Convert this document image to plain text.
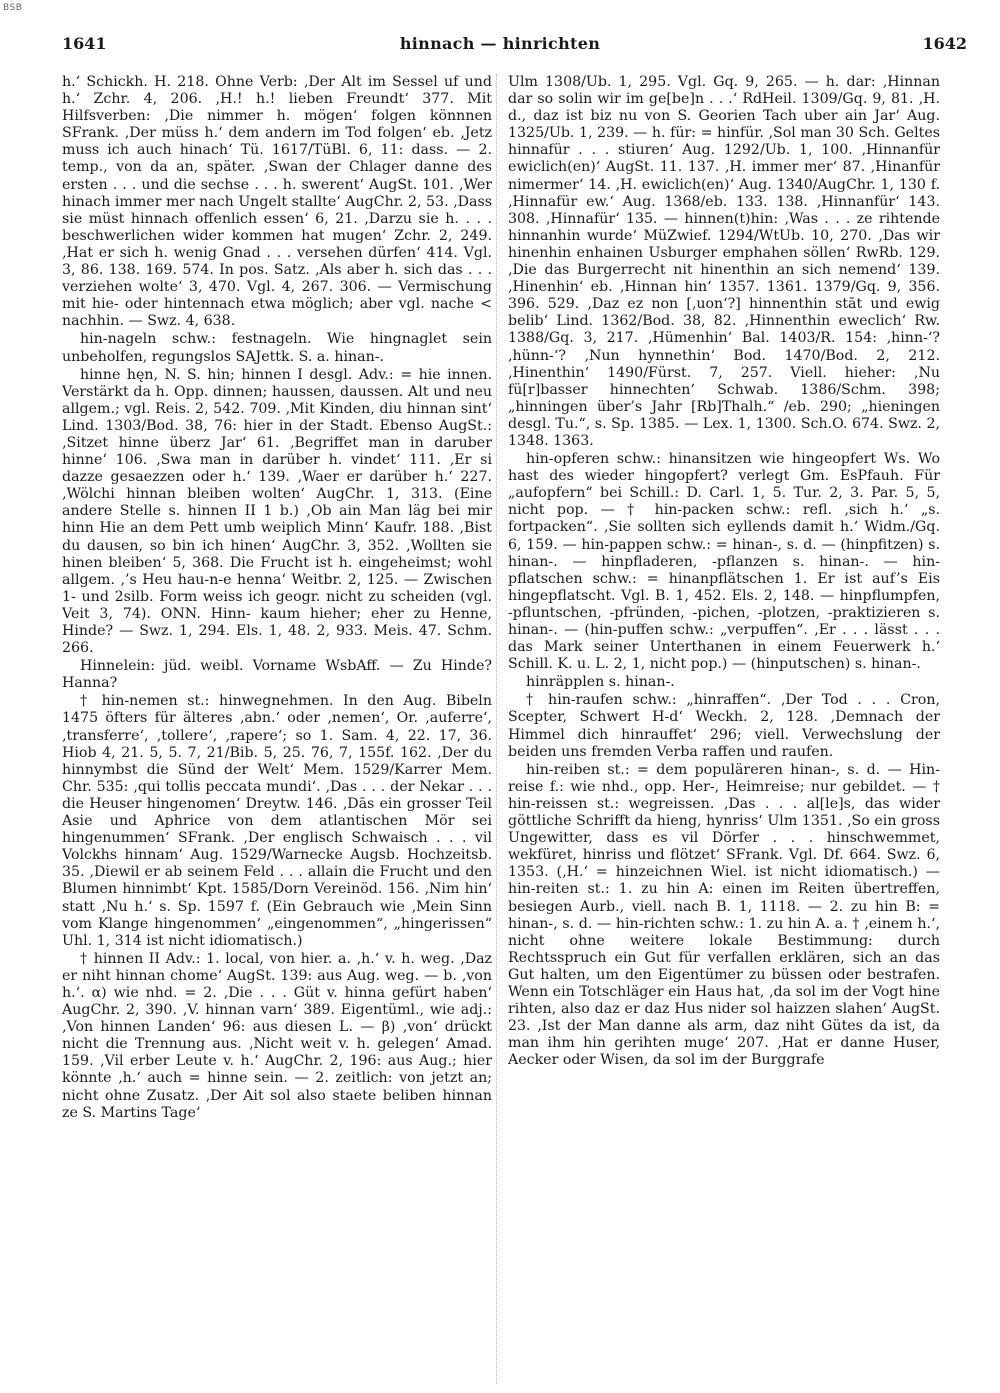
BSB
1641	hinnach — hinrichten	1642

h.‘ Schickh. H. 218. Ohne Verb: ‚Der Alt im Sessel uf und h.‘ Zchr. 4, 206. ‚H.! h.! lieben Freundt‘ 377. Mit Hilfsverben: ‚Die nimmer h. mögen‘ folgen könnnen SFrank. ‚Der müss h.‘ dem andern im Tod folgen‘ eb. ‚Jetz muss ich auch hinach‘ Tü. 1617/TüBl. 6, 11: dass. — 2. temp., von da an, später. ‚Swan der Chlager danne des ersten . . . und die sechse . . . h. swerent‘ AugSt. 101. ‚Wer hinach immer mer nach Ungelt stallte‘ AugChr. 2, 53. ‚Dass sie müst hinnach offenlich essen‘ 6, 21. ‚Darzu sie h. . . . beschwerlichen wider kommen hat mugen‘ Zchr. 2, 249. ‚Hat er sich h. wenig Gnad . . . versehen dürfen‘ 414. Vgl. 3, 86. 138. 169. 574. In pos. Satz. ‚Als aber h. sich das . . . verziehen wolte‘ 3, 470. Vgl. 4, 267. 306. — Vermischung mit hie- oder hintennach etwa möglich; aber vgl. nache < nachhin. — Swz. 4, 638.

hin-nageln schw.: festnageln. Wie hingnaglet sein unbeholfen, regungslos SAJettk. S. a. hinan-.

hinne hęn, N. S. hin; hinnen I desgl. Adv.: = hie innen. Verstärkt da h. Opp. dinnen; haussen, daussen. Alt und neu allgem.; vgl. Reis. 2, 542. 709. ‚Mit Kinden, diu hinnan sint‘ Lind. 1303/Bod. 38, 76: hier in der Stadt. Ebenso AugSt.: ‚Sitzet hinne überz Jar‘ 61. ‚Begriffet man in daruber hinne‘ 106. ‚Swa man in darüber h. vindet‘ 111. ‚Er si dazze gesaezzen oder h.‘ 139. ‚Waer er darüber h.‘ 227. ‚Wölchi hinnan bleiben wolten‘ AugChr. 1, 313. (Eine andere Stelle s. hinnen II 1 b.) ‚Ob ain Man läg bei mir hinn Hie an dem Pett umb weiplich Minn‘ Kaufr. 188. ‚Bist du dausen, so bin ich hinen‘ AugChr. 3, 352. ‚Wollten sie hinen bleiben‘ 5, 368. Die Frucht ist h. eingeheimst; wohl allgem. ‚’s Heu hau-n-e henna‘ Weitbr. 2, 125. — Zwischen 1- und 2silb. Form weiss ich geogr. nicht zu scheiden (vgl. Veit 3, 74). ONN. Hinn- kaum hieher; eher zu Henne, Hinde? — Swz. 1, 294. Els. 1, 48. 2, 933. Meis. 47. Schm. 266.

Hinnelein: jüd. weibl. Vorname WsbAff. — Zu Hinde? Hanna?

† hin-nemen st.: hinwegnehmen. In den Aug. Bibeln 1475 öfters für älteres ‚abn.‘ oder ‚nemen‘, Or. ‚auferre‘, ‚transferre‘, ‚tollere‘, ‚rapere‘; so 1. Sam. 4, 22. 17, 36. Hiob 4, 21. 5, 5. 7, 21/Bib. 5, 25. 76, 7, 155f. 162. ‚Der du hinnymbst die Sünd der Welt‘ Mem. 1529/Karrer Mem. Chr. 535: ‚qui tollis peccata mundi‘. ‚Das . . . der Nekar . . . die Heuser hingenomen‘ Dreytw. 146. ‚Dās ein grosser Teil Asie und Aphrice von dem atlantischen Mör sei hingenummen‘ SFrank. ‚Der englisch Schwaisch . . . vil Volckhs hinnam‘ Aug. 1529/Warnecke Augsb. Hochzeitsb. 35. ‚Diewil er ab seinem Feld . . . allain die Frucht und den Blumen hinnimbt‘ Kpt. 1585/Dorn Vereinöd. 156. ‚Nim hin‘ statt ‚Nu h.‘ s. Sp. 1597 f. (Ein Gebrauch wie ‚Mein Sinn vom Klange hingenommen‘ „eingenommen“, „hingerissen“ Uhl. 1, 314 ist nicht idiomatisch.)

† hinnen II Adv.: 1. local, von hier. a. ‚h.‘ v. h. weg. ‚Daz er niht hinnan chome‘ AugSt. 139: aus Aug. weg. — b. ‚von h.‘. α) wie nhd. = 2. ‚Die . . . Güt v. hinna gefürt haben‘ AugChr. 2, 390. ‚V. hinnan varn‘ 389. Eigentüml., wie adj.: ‚Von hinnen Landen‘ 96: aus diesen L. — β) ‚von‘ drückt nicht die Trennung aus. ‚Nicht weit v. h. gelegen‘ Amad. 159. ‚Vil erber Leute v. h.‘ AugChr. 2, 196: aus Aug.; hier könnte ‚h.‘ auch = hinne sein. — 2. zeitlich: von jetzt an; nicht ohne Zusatz. ‚Der Ait sol also staete beliben hinnan ze S. Martins Tage‘

Ulm 1308/Ub. 1, 295. Vgl. Gq. 9, 265. — h. dar: ‚Hinnan dar so solin wir im ge[be]n . . .‘ RdHeil. 1309/Gq. 9, 81. ‚H. d., daz ist biz nu von S. Georien Tach uber ain Jar‘ Aug. 1325/Ub. 1, 239. — h. für: = hinfür. ‚Sol man 30 Sch. Geltes hinnafür . . . stiuren‘ Aug. 1292/Ub. 1, 100. ‚Hinnanfür ewiclich(en)‘ AugSt. 11. 137. ‚H. immer mer‘ 87. ‚Hinanfür nimermer‘ 14. ‚H. ewiclich(en)‘ Aug. 1340/AugChr. 1, 130 f. ‚Hinnafür ew.‘ Aug. 1368/eb. 133. 138. ‚Hinnanfür‘ 143. 308. ‚Hinnafür‘ 135. — hinnen(t)hin: ‚Was . . . ze rihtende hinnanhin wurde‘ MüZwief. 1294/WtUb. 10, 270. ‚Das wir hinenhin enhainen Usburger emphahen söllen‘ RwRb. 129. ‚Die das Burgerrecht nit hinenthin an sich nemend‘ 139. ‚Hinenhin‘ eb. ‚Hinnan hin‘ 1357. 1361. 1379/Gq. 9, 356. 396. 529. ‚Daz ez non [‚uon‘?] hinnenthin stāt und ewig belib‘ Lind. 1362/Bod. 38, 82. ‚Hinnenthin eweclich‘ Rw. 1388/Gq. 3, 217. ‚Hümenhin‘ Bal. 1403/R. 154: ‚hinn-‘? ‚hünn-‘? ‚Nun hynnethin‘ Bod. 1470/Bod. 2, 212. ‚Hinenthin‘ 1490/Fürst. 7, 257. Viell. hieher: ‚Nu fü[r]basser hinnechten‘ Schwab. 1386/Schm. 398; „hinningen über’s Jahr [Rb]Thalh.“ /eb. 290; „hieningen desgl. Tu.“, s. Sp. 1385. — Lex. 1, 1300. Sch.O. 674. Swz. 2, 1348. 1363.

hin-opferen schw.: hinansitzen wie hingeopfert Ws. Wo hast des wieder hingopfert? verlegt Gm. EsPfauh. Für „aufopfern“ bei Schill.: D. Carl. 1, 5. Tur. 2, 3. Par. 5, 5, nicht pop. — † hin-packen schw.: refl. ‚sich h.‘ „s. fortpacken“. ‚Sie sollten sich eyllends damit h.‘ Widm./Gq. 6, 159. — hin-pappen schw.: = hinan-, s. d. — (hinpfitzen) s. hinan-. — hinpfladeren, -pflanzen s. hinan-. — hin-pflatschen schw.: = hinanpflätschen 1. Er ist auf’s Eis hingepflatscht. Vgl. B. 1, 452. Els. 2, 148. — hinpflumpfen, -pfluntschen, -pfründen, -pichen, -plotzen, -praktizieren s. hinan-. — (hin-puffen schw.: „verpuffen“. ‚Er . . . lässt . . . das Mark seiner Unterthanen in einem Feuerwerk h.‘ Schill. K. u. L. 2, 1, nicht pop.) — (hinputschen) s. hinan-.

hinräpplen s. hinan-.

† hin-raufen schw.: „hinraffen“. ‚Der Tod . . . Cron, Scepter, Schwert H-d‘ Weckh. 2, 128. ‚Demnach der Himmel dich hinrauffet‘ 296; viell. Verwechslung der beiden uns fremden Verba raffen und raufen.

hin-reiben st.: = dem populäreren hinan-, s. d. — Hin-reise f.: wie nhd., opp. Her-, Heimreise; nur gebildet. — † hin-reissen st.: wegreissen. ‚Das . . . al[le]s, das wider göttliche Schrifft da hieng, hynriss‘ Ulm 1351. ‚So ein gross Ungewitter, dass es vil Dörfer . . . hinschwemmet, wekfüret, hinriss und flötzet‘ SFrank. Vgl. Df. 664. Swz. 6, 1353. (‚H.‘ = hinzeichnen Wiel. ist nicht idiomatisch.) — hin-reiten st.: 1. zu hin A: einen im Reiten übertreffen, besiegen Aurb., viell. nach B. 1, 1118. — 2. zu hin B: = hinan-, s. d. — hin-richten schw.: 1. zu hin A. a. † ‚einem h.‘, nicht ohne weitere lokale Bestimmung: durch Rechtsspruch ein Gut für verfallen erklären, sich an das Gut halten, um den Eigentümer zu büssen oder bestrafen. Wenn ein Totschläger ein Haus hat, ‚da sol im der Vogt hine rihten, also daz er daz Hus nider sol haizzen slahen‘ AugSt. 23. ‚Ist der Man danne als arm, daz niht Gütes da ist, da man ihm hin gerihten muge‘ 207. ‚Hat er danne Huser, Aecker oder Wisen, da sol im der Burggrafe
